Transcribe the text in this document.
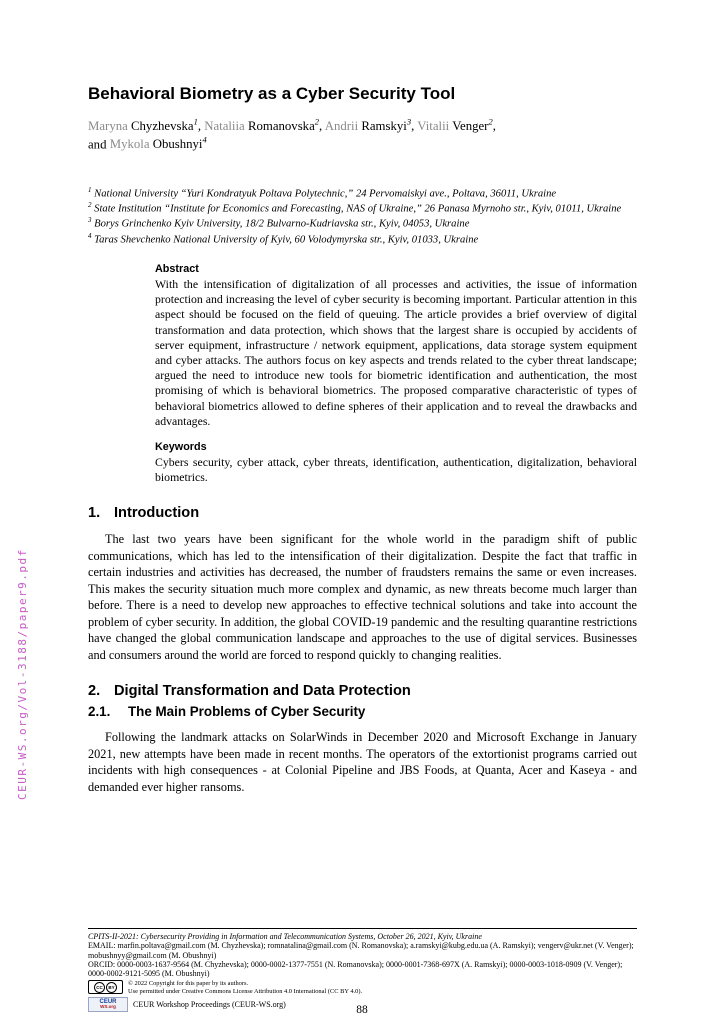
CEUR-WS.org/Vol-3188/paper9.pdf
Behavioral Biometry as a Cyber Security Tool
Maryna Chyzhevska$^1$, Nataliia Romanovska$^2$, Andrii Ramskyi$^3$, Vitalii Venger$^2$,
and Mykola Obushnyi$^4$
$^1$ National University “Yuri Kondratyuk Poltava Polytechnic,” 24 Pervomaiskyi ave., Poltava, 36011, Ukraine
$^2$ State Institution “Institute for Economics and Forecasting, NAS of Ukraine,” 26 Panasa Myrnoho str., Kyiv, 01011, Ukraine
$^3$ Borys Grinchenko Kyiv University, 18/2 Bulvarno-Kudriavska str., Kyiv, 04053, Ukraine
$^4$ Taras Shevchenko National University of Kyiv, 60 Volodymyrska str., Kyiv, 01033, Ukraine
Abstract

With the intensification of digitalization of all processes and activities, the issue of information protection and increasing the level of cyber security is becoming important. Particular attention in this aspect should be focused on the field of queuing. The article provides a brief overview of digital transformation and data protection, which shows that the largest share is occupied by accidents of server equipment, infrastructure / network equipment, applications, data storage system equipment and cyber attacks. The authors focus on key aspects and trends related to the cyber threat landscape; argued the need to introduce new tools for biometric identification and authentication, the most promising of which is behavioral biometrics. The proposed comparative characteristic of types of behavioral biometrics allowed to define spheres of their application and to reveal the drawbacks and advantages.

Keywords

Cybers security, cyber attack, cyber threats, identification, authentication, digitalization, behavioral biometrics.

1. Introduction

The last two years have been significant for the whole world in the paradigm shift of public communications, which has led to the intensification of their digitalization. Despite the fact that traffic in certain industries and activities has decreased, the number of fraudsters remains the same or even increases. This makes the security situation much more complex and dynamic, as new threats become much larger than before. There is a need to develop new approaches to effective technical solutions and take into account the problem of cyber security. In addition, the global COVID-19 pandemic and the resulting quarantine restrictions have changed the global communication landscape and approaches to the use of digital services. Businesses and consumers around the world are forced to respond quickly to changing realities.

2. Digital Transformation and Data Protection
2.1. The Main Problems of Cyber Security

Following the landmark attacks on SolarWinds in December 2020 and Microsoft Exchange in January 2021, new attempts have been made in recent months. The operators of the extortionist programs carried out incidents with high consequences - at Colonial Pipeline and JBS Foods, at Quanta, Acer and Kaseya - and demanded ever higher ransoms.

CPITS-II-2021: Cybersecurity Providing in Information and Telecommunication Systems, October 26, 2021, Kyiv, Ukraine

EMAIL: marfin.poltava@gmail.com (M. Chyzhevska); romnatalina@gmail.com (N. Romanovska); a.ramskyi@kubg.edu.ua (A. Ramskyi); vengerv@ukr.net (V. Venger); mobushnyy@gmail.com (M. Obushnyi)

ORCID: 0000-0003-1637-9564 (M. Chyzhevska); 0000-0002-1377-7551 (N. Romanovska); 0000-0001-7368-697X (A. Ramskyi); 0000-0003-1018-0909 (V. Venger); 0000-0002-9121-5095 (M. Obushnyi)

CC	BY	© 2022 Copyright for this paper by its authors.

Use permitted under Creative Commons License Attribution 4.0 International (CC BY 4.0).

CEUR
WS.org CEUR Workshop Proceedings (CEUR-WS.org)	88
